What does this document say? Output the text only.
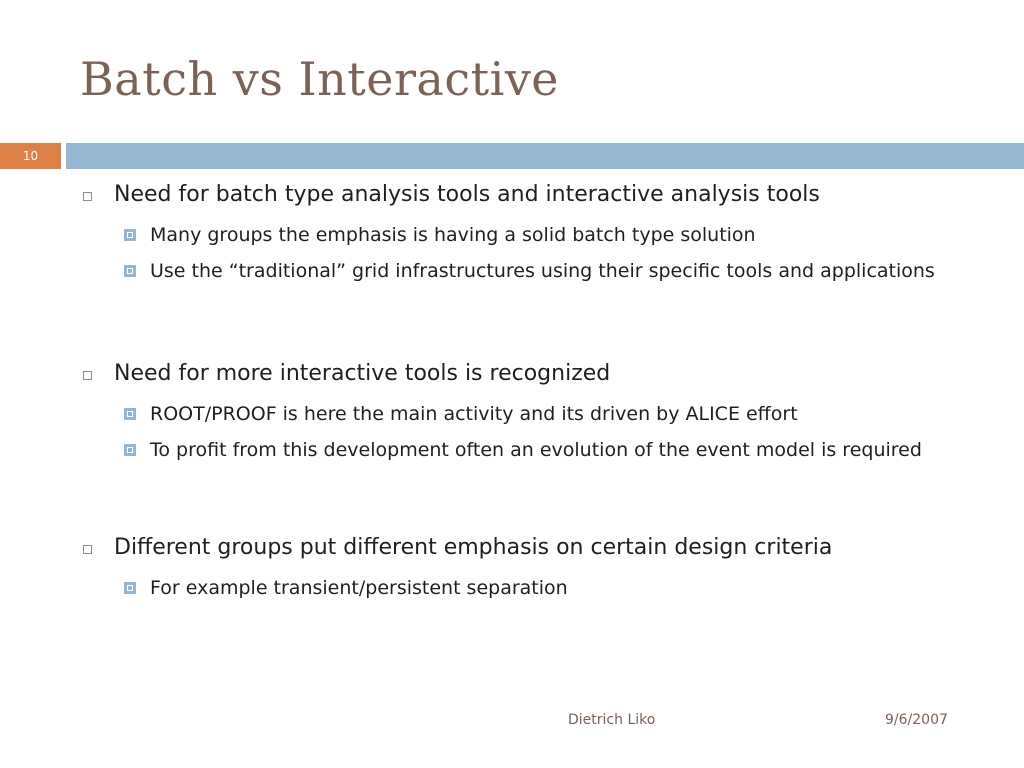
Batch vs Interactive
10
Need for batch type analysis tools and interactive analysis tools
Many groups the emphasis is having a solid batch type solution
Use the “traditional” grid infrastructures using their specific tools and applications
Need for more interactive tools is recognized
ROOT/PROOF is here the main activity and its driven by ALICE effort
To profit from this development often an evolution of the event model is required
Different groups put different emphasis on certain design criteria
For example transient/persistent separation
Dietrich Liko	9/6/2007
